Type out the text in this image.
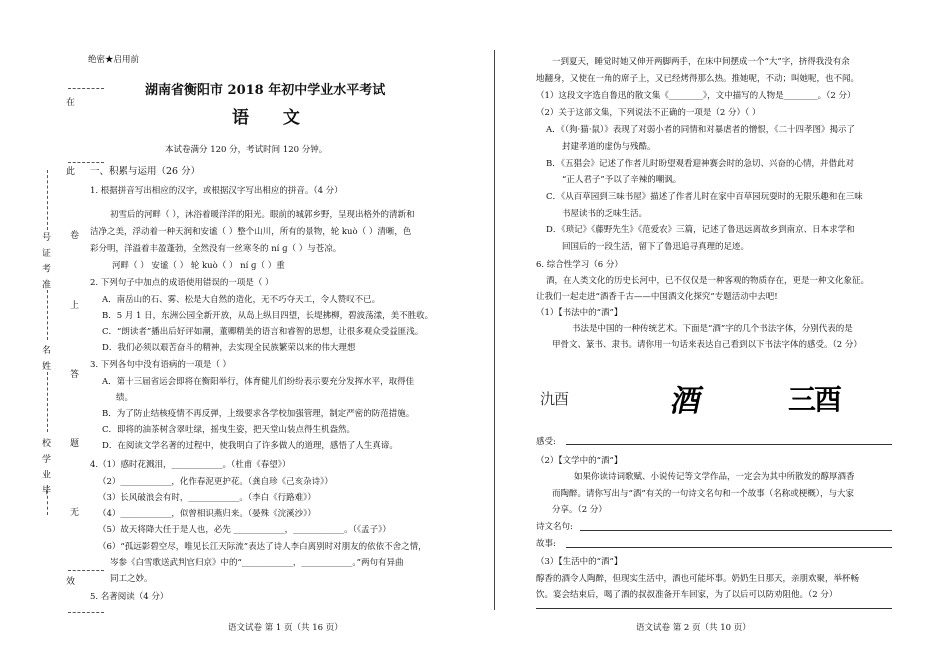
在
此
卷
上
答
题
无
效
号 证 考 准
名 姓
校 学 业 毕
绝密★启用前
湖南省衡阳市 2018 年初中学业水平考试
语 文
本试卷满分 120 分，考试时间 120 分钟。
一、积累与运用（26 分）
1. 根据拼音写出相应的汉字，或根据汉字写出相应的拼音。（4 分）
初雪后的河畔（ ），沐浴着暖洋洋的阳光。眼前的城郭乡野，呈现出格外的清新和
洁净之美，浮动着一种天润和安谧（ ）整个山川，所有的景物，轮 kuò（ ）清晰，色
彩分明，洋溢着丰盈蓬勃，全然没有一丝寒冬的 ní ɡ（ ）与苍凉。
河畔（ ） 安谧（ ） 轮 kuò（ ） ní ɡ（ ）重
2. 下列句子中加点的成语使用错误的一项是（ ）
A．南岳山的石、雾、松是大自然的造化，无不巧夺天工，令人赞叹不已。
B．5 月 1 日，东洲公园全新开放，从岛上纵目四望，长堤拂柳，碧波荡漾，美不胜收。
C．“朗读者”播出后好评如潮，董卿精美的语言和睿智的思想，让很多观众受益匪浅。
D．我们必须以艰苦奋斗的精神，去实现全民族繁荣以来的伟大理想
3. 下列各句中没有语病的一项是（ ）
A．第十三届省运会即将在衡阳举行，体育健儿们纷纷表示要充分发挥水平，取得佳
绩。
B．为了防止结核疫情不再反弹，上级要求各学校加强管理，制定严密的防范措施。
C．即将的油茶树含翠吐绿，摇曳生姿，把天堂山装点得生机盎然。
D．在阅读文学名著的过程中，使我明白了许多做人的道理，感悟了人生真谛。
4.（1）感时花溅泪，____________。（杜甫《春望》）
（2）____________，化作春泥更护花。（龚自珍《己亥杂诗》）
（3）长风破浪会有时，____________。（李白《行路难》）
（4）____________，似曾相识燕归来。（晏殊《浣溪沙》）
（5）故天将降大任于是人也，必先 ____________，____________。（《孟子》）
（6）“孤远影碧空尽，唯见长江天际流”表达了诗人李白离别时对朋友的依依不舍之情，
岑参《白雪歌送武判官归京》中的“____________，____________。”两句有异曲
同工之妙。
5. 名著阅读（4 分）
语文试卷 第 1 页（共 16 页）
一到夏天，睡觉时她又伸开两脚两手，在床中间摆成一个“大”字，挤得我没有余
地翻身，又使在一角的席子上，又已经烤得那么热。推她呢，不动；叫她呢，也不闻。
（1）这段文字选自鲁迅的散文集《________》，文中描写的人物是________。（2 分）
（2）关于这部文集，下列说法不正确的一项是（2 分）（ ）
A．《（狗·猫·鼠）》表现了对弱小者的同情和对暴虐者的憎恨，《二十四孝图》揭示了
封建孝道的虚伪与残酷。
B．《五猖会》记述了作者儿时盼望观看迎神赛会时的急切、兴奋的心情，并借此对
“正人君子”予以了辛辣的嘲讽。
C．《从百草园到三味书屋》描述了作者儿时在家中百草园玩耍时的无限乐趣和在三味
书屋读书的乏味生活。
D．《琐记》《藤野先生》《范爱农》三篇，记述了鲁迅远离故乡到南京、日本求学和
回国后的一段生活，留下了鲁迅追寻真理的足迹。
6. 综合性学习（6 分）
酒，在人类文化的历史长河中，已不仅仅是一种客观的物质存在，更是一种文化象征。
让我们一起走进“酒香千古——中国酒文化探究”专题活动中去吧!
（1）【书法中的“酒”】
书法是中国的一种传统艺术。下面是“酒”字的几个书法字体，分别代表的是
甲骨文、篆书、隶书。请你用一句话来表达自己看到以下书法字体的感受。（2 分）
氿酉	酒	三酉
感受:
（2）【文学中的“酒”】
如果你读诗词歌赋、小说传记等文学作品，一定会为其中所散发的醇厚酒香
而陶醉。请你写出与“酒”有关的一句诗文名句和一个故事（名称或梗概），与大家
分享。（2 分）
诗文名句:
故事:
（3）【生活中的“酒”】
醇香的酒令人陶醉，但现实生活中，酒也可能坏事。奶奶生日那天，亲朋欢聚，举杯畅
饮。宴会结束后，喝了酒的叔叔准备开车回家，为了以后可以防劝阻他。（2 分）
语文试卷 第 2 页（共 10 页）
